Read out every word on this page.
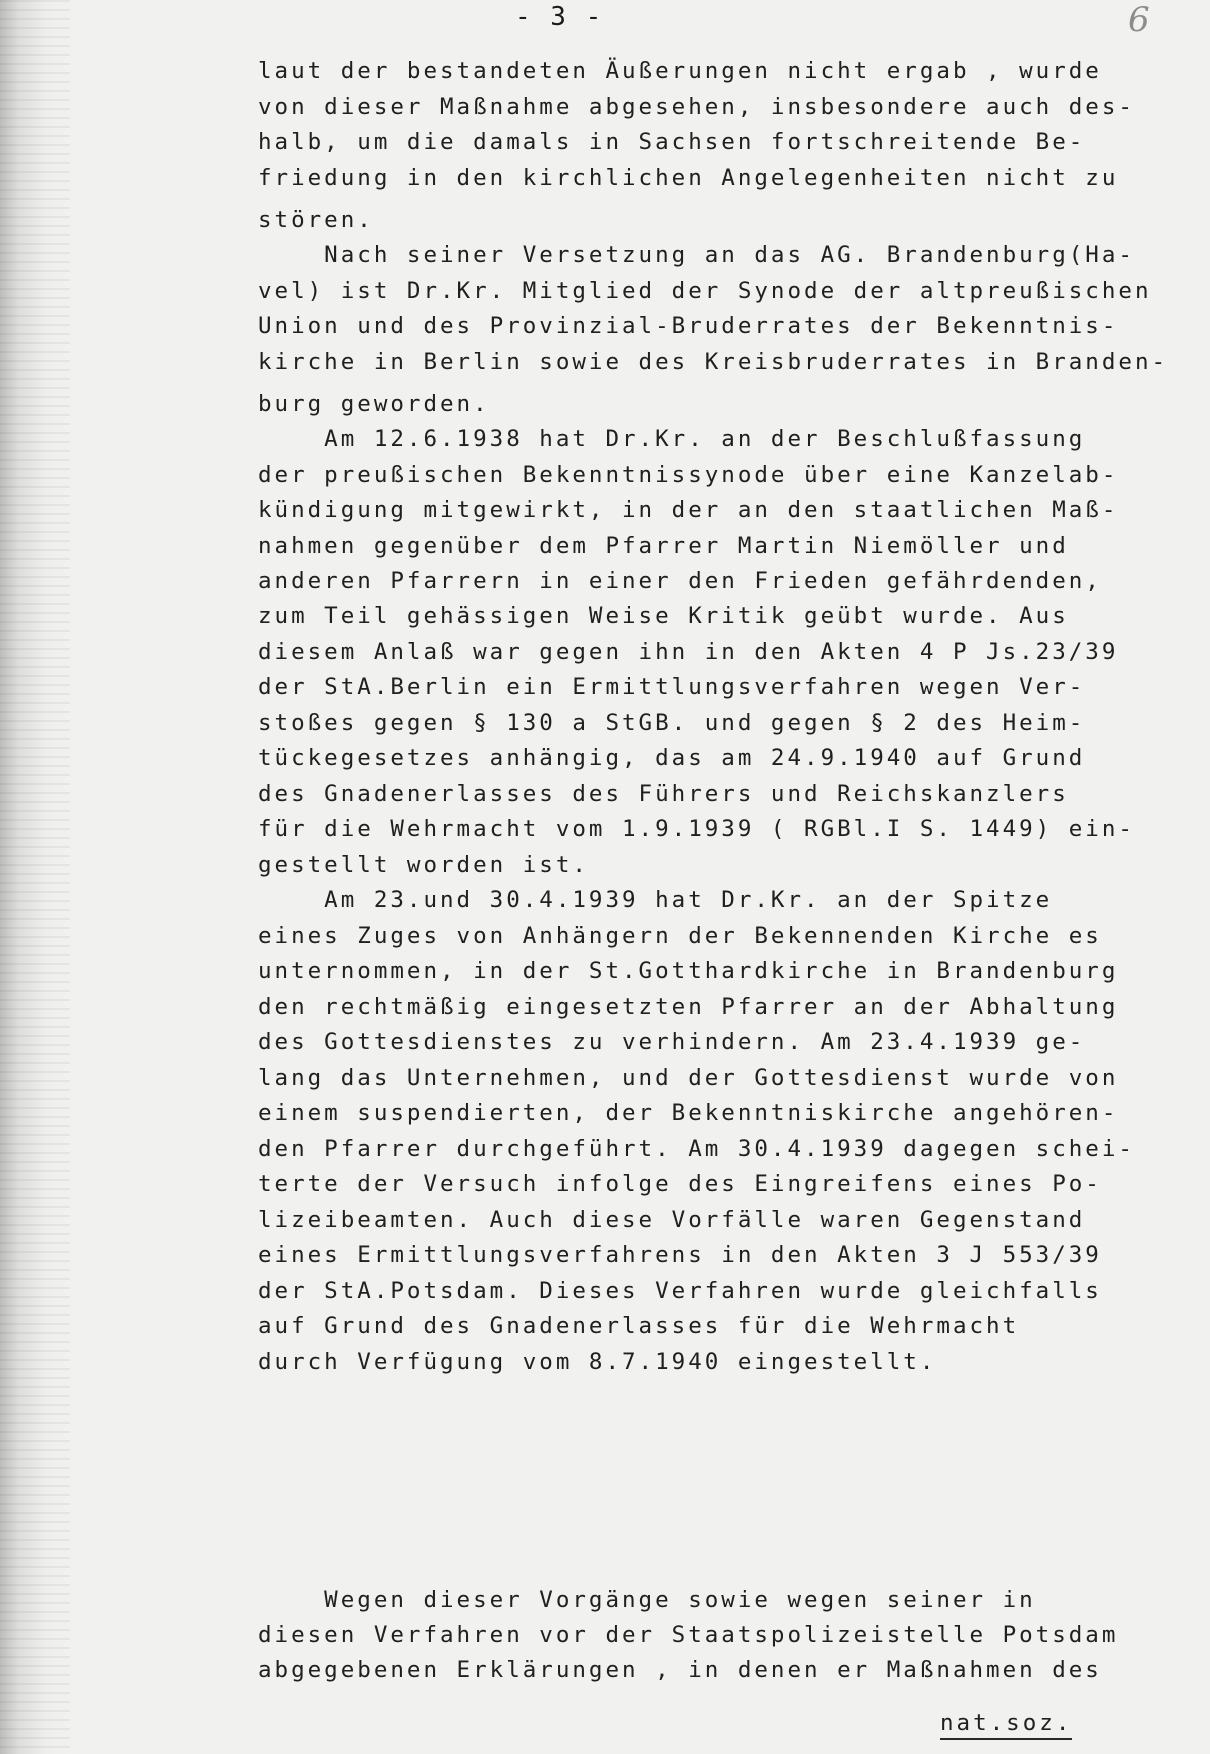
- 3 -	6
laut der bestandeten Äußerungen nicht ergab , wurde
von dieser Maßnahme abgesehen, insbesondere auch des-
halb, um die damals in Sachsen fortschreitende Be-
friedung in den kirchlichen Angelegenheiten nicht zu
stören.
Nach seiner Versetzung an das AG. Brandenburg(Ha-
vel) ist Dr.Kr. Mitglied der Synode der altpreußischen
Union und des Provinzial-Bruderrates der Bekenntnis-
kirche in Berlin sowie des Kreisbruderrates in Branden-
burg geworden.
Am 12.6.1938 hat Dr.Kr. an der Beschlußfassung
der preußischen Bekenntnissynode über eine Kanzelab-
kündigung mitgewirkt, in der an den staatlichen Maß-
nahmen gegenüber dem Pfarrer Martin Niemöller und
anderen Pfarrern in einer den Frieden gefährdenden,
zum Teil gehässigen Weise Kritik geübt wurde. Aus
diesem Anlaß war gegen ihn in den Akten 4 P Js.23/39
der StA.Berlin ein Ermittlungsverfahren wegen Ver-
stoßes gegen § 130 a StGB. und gegen § 2 des Heim-
tückegesetzes anhängig, das am 24.9.1940 auf Grund
des Gnadenerlasses des Führers und Reichskanzlers
für die Wehrmacht vom 1.9.1939 ( RGBl.I S. 1449) ein-
gestellt worden ist.
Am 23.und 30.4.1939 hat Dr.Kr. an der Spitze
eines Zuges von Anhängern der Bekennenden Kirche es
unternommen, in der St.Gotthardkirche in Brandenburg
den rechtmäßig eingesetzten Pfarrer an der Abhaltung
des Gottesdienstes zu verhindern. Am 23.4.1939 ge-
lang das Unternehmen, und der Gottesdienst wurde von
einem suspendierten, der Bekenntniskirche angehören-
den Pfarrer durchgeführt. Am 30.4.1939 dagegen schei-
terte der Versuch infolge des Eingreifens eines Po-
lizeibeamten. Auch diese Vorfälle waren Gegenstand
eines Ermittlungsverfahrens in den Akten 3 J 553/39
der StA.Potsdam. Dieses Verfahren wurde gleichfalls
auf Grund des Gnadenerlasses für die Wehrmacht
durch Verfügung vom 8.7.1940 eingestellt.
Wegen dieser Vorgänge sowie wegen seiner in
diesen Verfahren vor der Staatspolizeistelle Potsdam
abgegebenen Erklärungen , in denen er Maßnahmen des
nat.soz.
